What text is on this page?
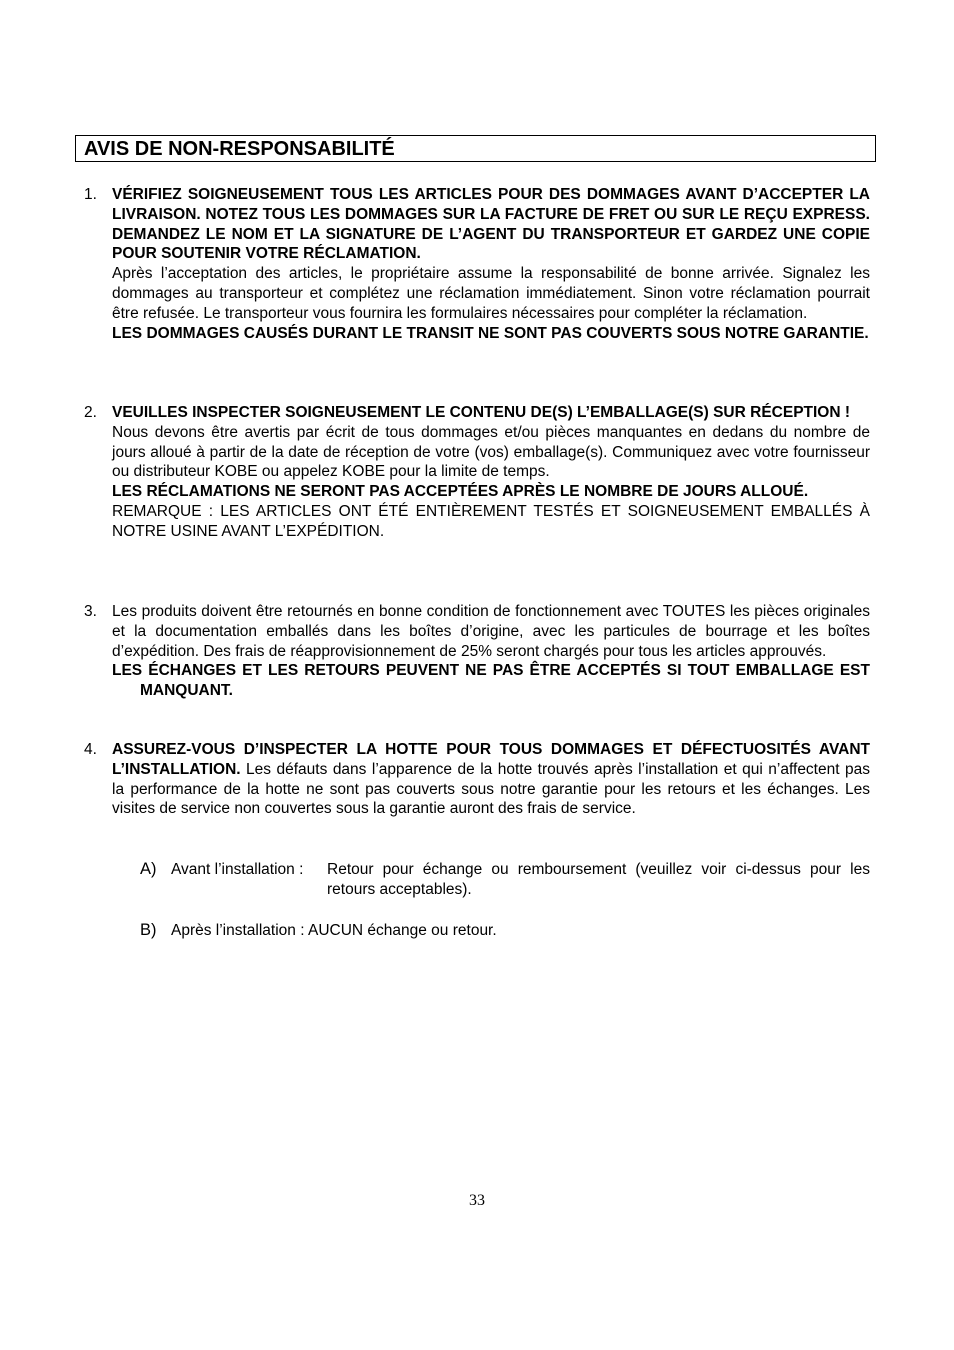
AVIS DE NON-RESPONSABILITÉ
1. VÉRIFIEZ SOIGNEUSEMENT TOUS LES ARTICLES POUR DES DOMMAGES AVANT D’ACCEPTER LA LIVRAISON. NOTEZ TOUS LES DOMMAGES SUR LA FACTURE DE FRET OU SUR LE REÇU EXPRESS. DEMANDEZ LE NOM ET LA SIGNATURE DE L’AGENT DU TRANSPORTEUR ET GARDEZ UNE COPIE POUR SOUTENIR VOTRE RÉCLAMATION.

Après l’acceptation des articles, le propriétaire assume la responsabilité de bonne arrivée. Signalez les dommages au transporteur et complétez une réclamation immédiatement. Sinon votre réclamation pourrait être refusée. Le transporteur vous fournira les formulaires nécessaires pour compléter la réclamation.

LES DOMMAGES CAUSÉS DURANT LE TRANSIT NE SONT PAS COUVERTS SOUS NOTRE GARANTIE.

2. VEUILLES INSPECTER SOIGNEUSEMENT LE CONTENU DE(S) L’EMBALLAGE(S) SUR RÉCEPTION !

Nous devons être avertis par écrit de tous dommages et/ou pièces manquantes en dedans du nombre de jours alloué à partir de la date de réception de votre (vos) emballage(s). Communiquez avec votre fournisseur ou distributeur KOBE ou appelez KOBE pour la limite de temps.

LES RÉCLAMATIONS NE SERONT PAS ACCEPTÉES APRÈS LE NOMBRE DE JOURS ALLOUÉ.

REMARQUE : LES ARTICLES ONT ÉTÉ ENTIÈREMENT TESTÉS ET SOIGNEUSEMENT EMBALLÉS À NOTRE USINE AVANT L’EXPÉDITION.

3. Les produits doivent être retournés en bonne condition de fonctionnement avec TOUTES les pièces originales et la documentation emballés dans les boîtes d’origine, avec les particules de bourrage et les boîtes d’expédition. Des frais de réapprovisionnement de 25% seront chargés pour tous les articles approuvés.

LES ÉCHANGES ET LES RETOURS PEUVENT NE PAS ÊTRE ACCEPTÉS SI TOUT EMBALLAGE EST MANQUANT.

4. ASSUREZ-VOUS D’INSPECTER LA HOTTE POUR TOUS DOMMAGES ET DÉFECTUOSITÉS AVANT L’INSTALLATION. Les défauts dans l’apparence de la hotte trouvés après l’installation et qui n’affectent pas la performance de la hotte ne sont pas couverts sous notre garantie pour les retours et les échanges. Les visites de service non couvertes sous la garantie auront des frais de service.

A) Avant l’installation : Retour pour échange ou remboursement (veuillez voir ci-dessus pour les retours acceptables).
B) Après l’installation : AUCUN échange ou retour.
33
